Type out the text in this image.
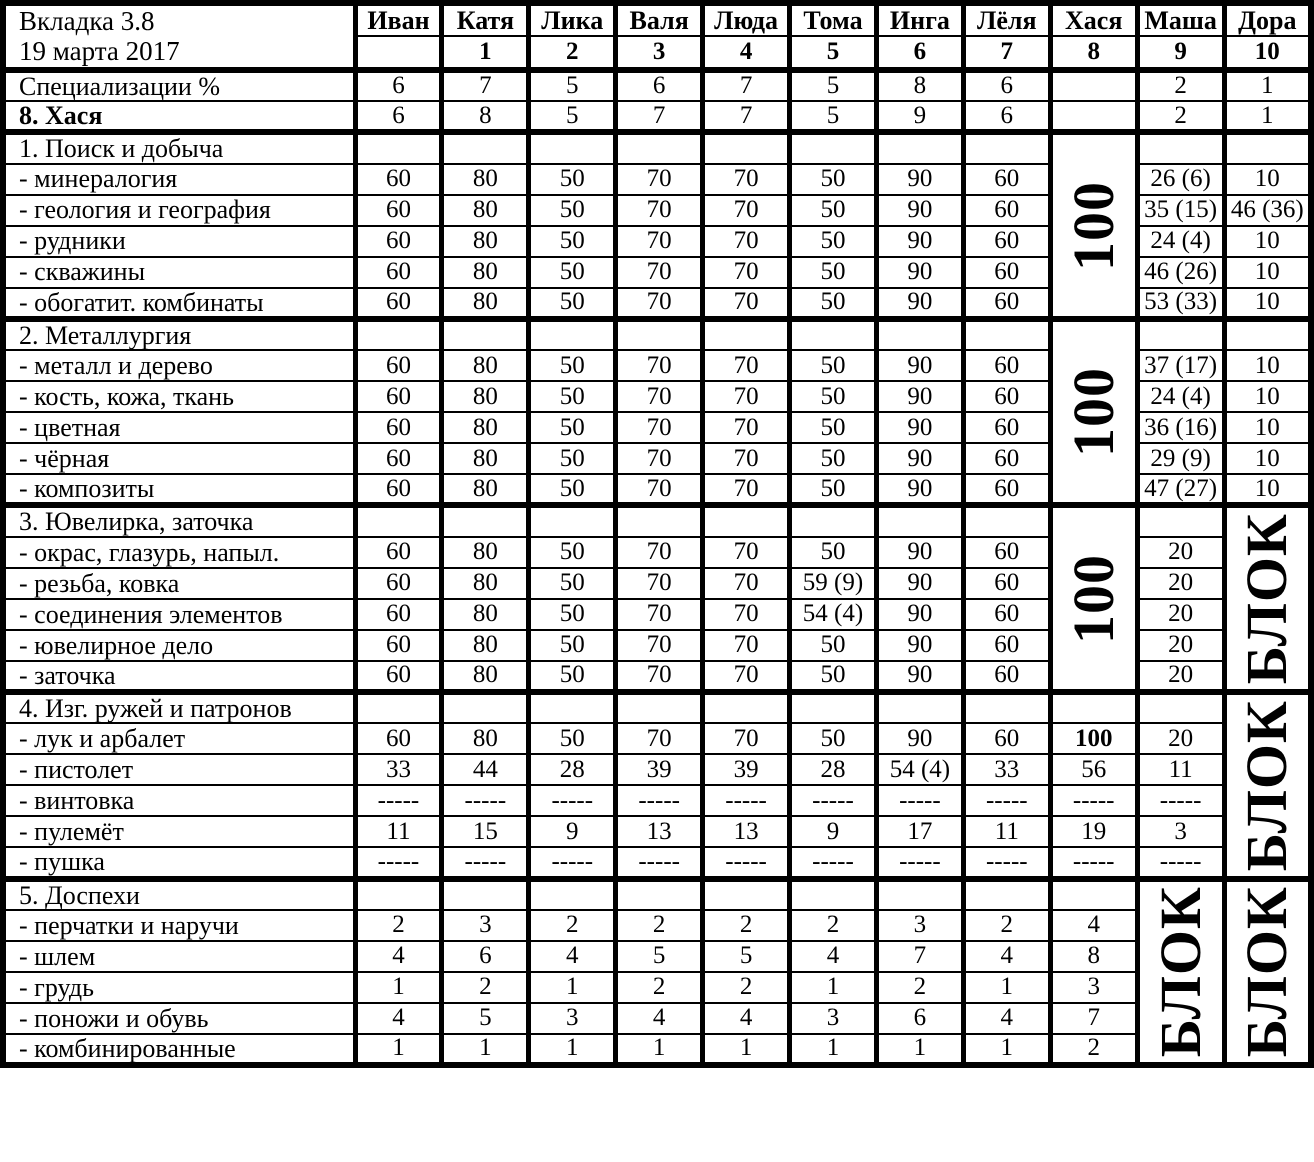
Вкладка 3.8
19 марта 2017	Иван	Катя	Лика	Валя	Люда	Тома	Инга	Лёля	Хася	Маша	Дора
		1	2	3	4	5	6	7	8	9	10
Специализации %	6	7	5	6	7	5	8	6		2	1
8. Хася	6	8	5	7	7	5	9	6		2	1
1. Поиск и добыча									100		

- минералогия	60	80	50	70	70	50	90	60		26 (6)	10
- геология и география	60	80	50	70	70	50	90	60		35 (15)	46 (36)
- рудники	60	80	50	70	70	50	90	60		24 (4)	10
- скважины	60	80	50	70	70	50	90	60		46 (26)	10
- обогатит. комбинаты	60	80	50	70	70	50	90	60		53 (33)	10
2. Металлургия									100		

- металл и дерево	60	80	50	70	70	50	90	60		37 (17)	10
- кость, кожа, ткань	60	80	50	70	70	50	90	60		24 (4)	10
- цветная	60	80	50	70	70	50	90	60		36 (16)	10
- чёрная	60	80	50	70	70	50	90	60		29 (9)	10
- композиты	60	80	50	70	70	50	90	60		47 (27)	10
3. Ювелирка, заточка									100		БЛОК

- окрас, глазурь, напыл.	60	80	50	70	70	50	90	60		20	
- резьба, ковка	60	80	50	70	70	59 (9)	90	60		20	
- соединения элементов	60	80	50	70	70	54 (4)	90	60		20	
- ювелирное дело	60	80	50	70	70	50	90	60		20	
- заточка	60	80	50	70	70	50	90	60		20	
4. Изг. ружей и патронов											БЛОК

- лук и арбалет	60	80	50	70	70	50	90	60	100	20	
- пистолет	33	44	28	39	39	28	54 (4)	33	56	11	
- винтовка	-----	-----	-----	-----	-----	-----	-----	-----	-----	-----	
- пулемёт	11	15	9	13	13	9	17	11	19	3	
- пушка	-----	-----	-----	-----	-----	-----	-----	-----	-----	-----	
5. Доспехи										БЛОК	БЛОК

- перчатки и наручи	2	3	2	2	2	2	3	2	4		
- шлем	4	6	4	5	5	4	7	4	8		
- грудь	1	2	1	2	2	1	2	1	3		
- поножи и обувь	4	5	3	4	4	3	6	4	7		
- комбинированные	1	1	1	1	1	1	1	1	2		
